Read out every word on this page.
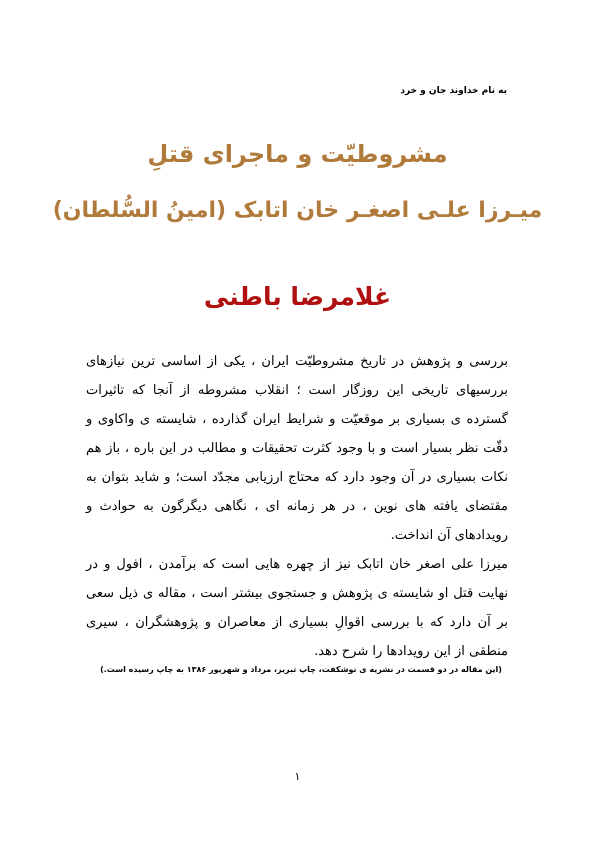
به نام خداوند جان و خرد
مشروطیّت و ماجرای قتلِ
میـرزا علـی اصغـر خان اتابک (امینُ السُّلطان)
غلامرضا باطنی

بررسی و پژوهش در تاریخ مشروطیّت ایران ، یکی از اساسی ترین نیازهای بررسیهای تاریخی این روزگار است ؛ انقلاب مشروطه از آنجا که تاثیرات گسترده ی بسیاری بر موقعیّت و شرایط ایران گذارده ، شایسته ی واکاوی و دقّت نظر بسیار است و با وجود کثرت تحقیقات و مطالب در این باره ، باز هم نکات بسیاری در آن وجود دارد که محتاج ارزیابی مجدّد است؛ و شاید بتوان به مقتضای یافته های نوین ، در هر زمانه ای ، نگاهی دیگرگون به حوادث و رویدادهای آن انداخت.

میرزا علی اصغر خان اتابک نیز از چهره هایی است که برآمدن ، افول و در نهایت قتل او شایسته ی پژوهش و جستجوی بیشتر است ، مقاله ی ذیل سعی بر آن دارد که با بررسی اقوالِ بسیاری از معاصران و پژوهشگران ، سیری منطقی از این رویدادها را شرح دهد.

(این مقاله در دو قسمت در نشریه ی نوشکفت، چاپ تبریز، مرداد و شهریور ۱۳۸۶ به چاپ رسیده است.)
۱
